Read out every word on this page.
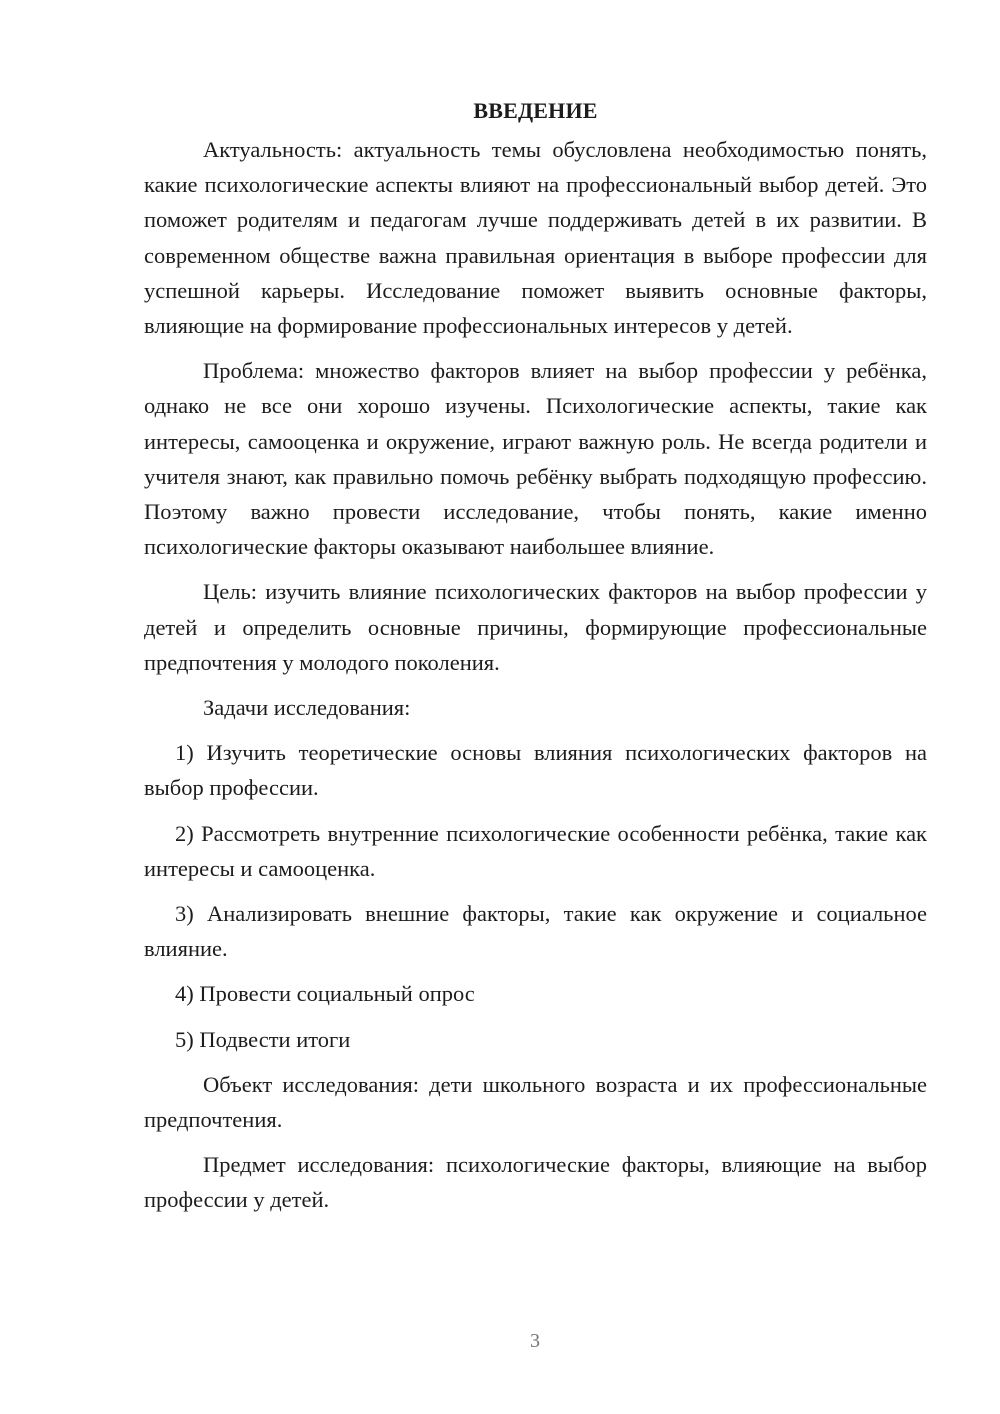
ВВЕДЕНИЕ

Актуальность: актуальность темы обусловлена необходимостью понять, какие психологические аспекты влияют на профессиональный выбор детей. Это поможет родителям и педагогам лучше поддерживать детей в их развитии. В современном обществе важна правильная ориентация в выборе профессии для успешной карьеры. Исследование поможет выявить основные факторы, влияющие на формирование профессиональных интересов у детей.

Проблема: множество факторов влияет на выбор профессии у ребёнка, однако не все они хорошо изучены. Психологические аспекты, такие как интересы, самооценка и окружение, играют важную роль. Не всегда родители и учителя знают, как правильно помочь ребёнку выбрать подходящую профессию. Поэтому важно провести исследование, чтобы понять, какие именно психологические факторы оказывают наибольшее влияние.

Цель: изучить влияние психологических факторов на выбор профессии у детей и определить основные причины, формирующие профессиональные предпочтения у молодого поколения.

Задачи исследования:

1) Изучить теоретические основы влияния психологических факторов на выбор профессии.

2) Рассмотреть внутренние психологические особенности ребёнка, такие как интересы и самооценка.

3) Анализировать внешние факторы, такие как окружение и социальное влияние.

4) Провести социальный опрос

5) Подвести итоги

Объект исследования: дети школьного возраста и их профессиональные предпочтения.

Предмет исследования: психологические факторы, влияющие на выбор профессии у детей.

3
